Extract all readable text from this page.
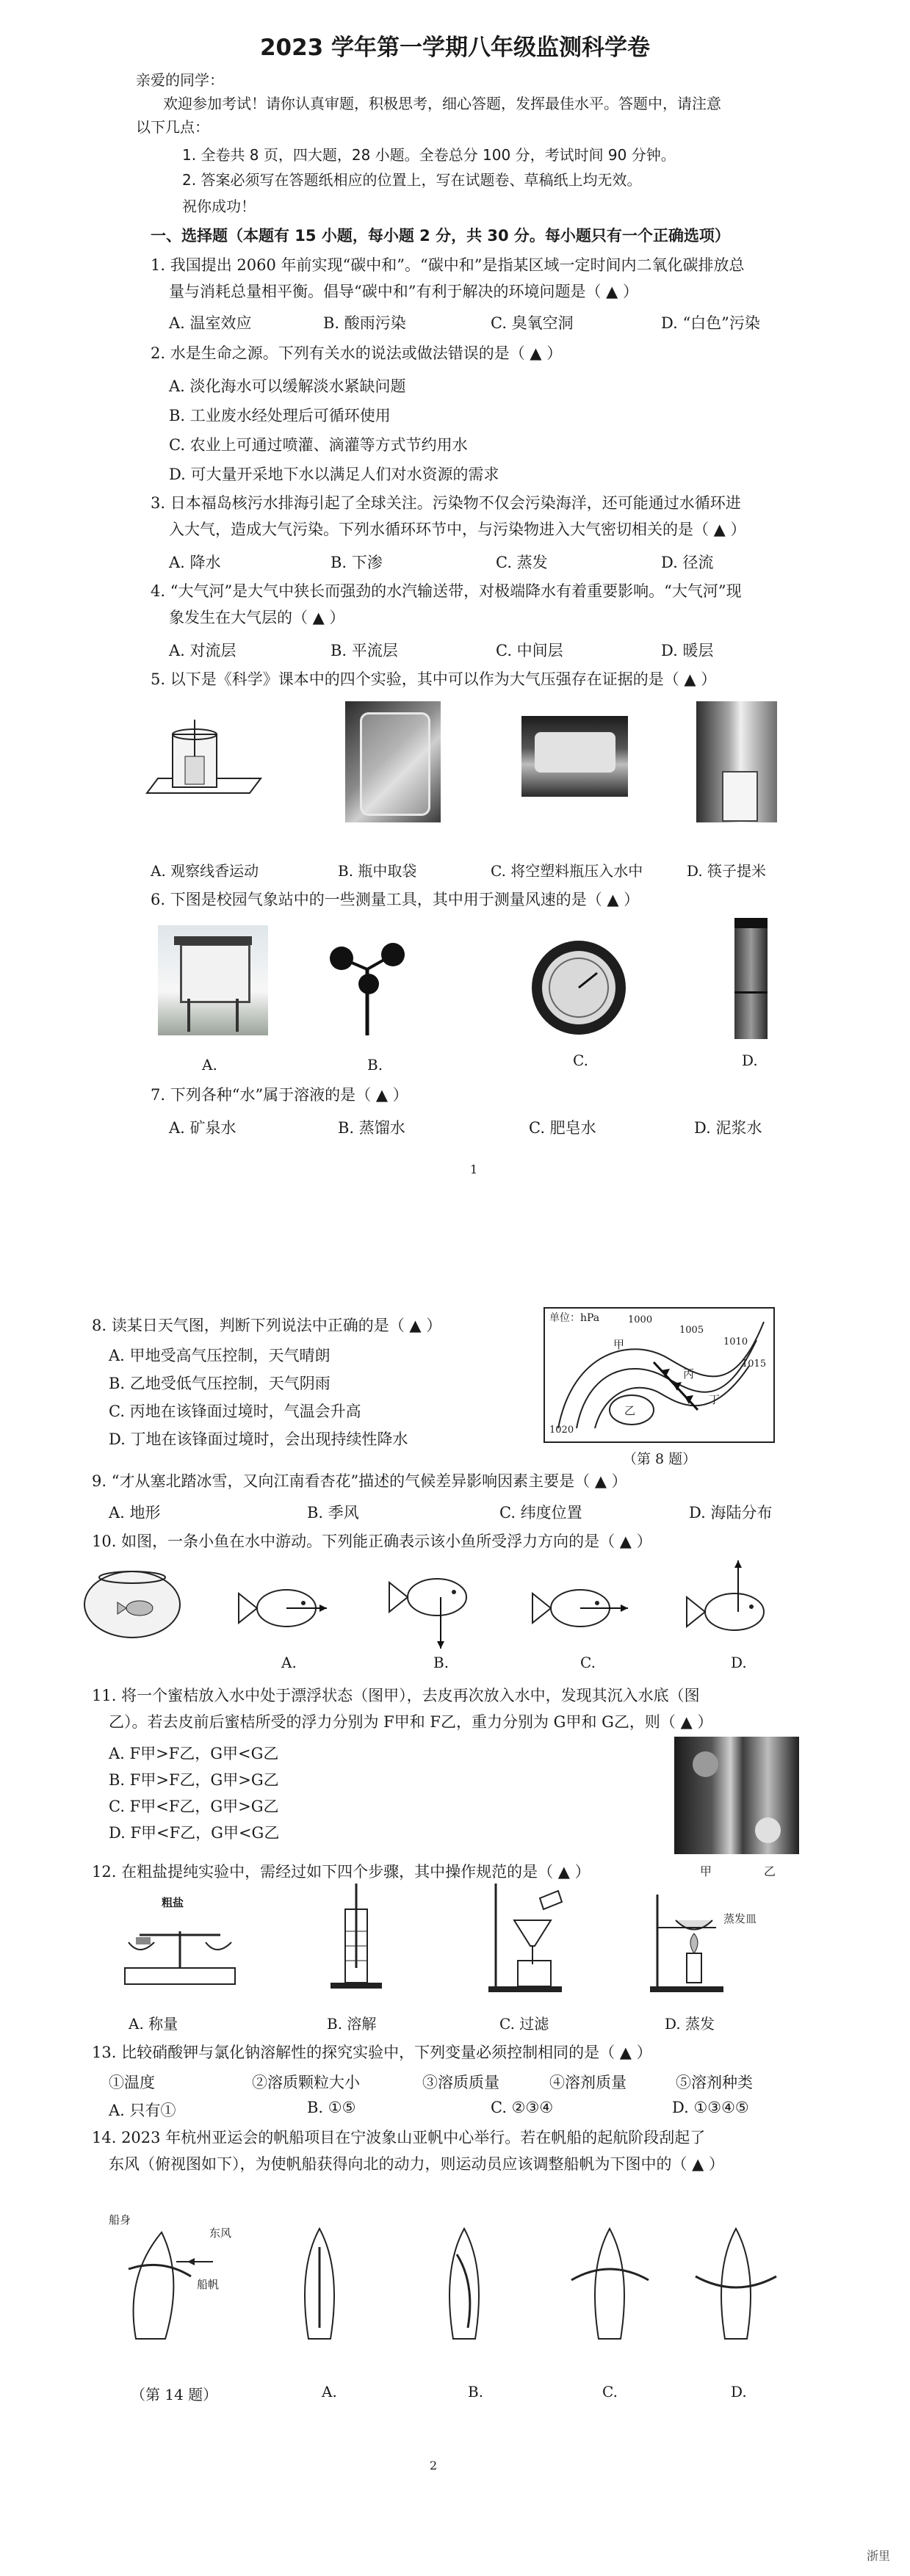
2023 学年第一学期八年级监测科学卷
亲爱的同学：
欢迎参加考试！请你认真审题，积极思考，细心答题，发挥最佳水平。答题中，请注意
以下几点：
1. 全卷共 8 页，四大题，28 小题。全卷总分 100 分，考试时间 90 分钟。
2. 答案必须写在答题纸相应的位置上，写在试题卷、草稿纸上均无效。
祝你成功！
一、选择题（本题有 15 小题，每小题 2 分，共 30 分。每小题只有一个正确选项）
1. 我国提出 2060 年前实现“碳中和”。“碳中和”是指某区域一定时间内二氧化碳排放总
量与消耗总量相平衡。倡导“碳中和”有利于解决的环境问题是（ ▲ ）
A. 温室效应	B. 酸雨污染	C. 臭氧空洞	D. “白色”污染
2. 水是生命之源。下列有关水的说法或做法错误的是（ ▲ ）
A. 淡化海水可以缓解淡水紧缺问题
B. 工业废水经处理后可循环使用
C. 农业上可通过喷灌、滴灌等方式节约用水
D. 可大量开采地下水以满足人们对水资源的需求
3. 日本福岛核污水排海引起了全球关注。污染物不仅会污染海洋，还可能通过水循环进
入大气，造成大气污染。下列水循环环节中，与污染物进入大气密切相关的是（ ▲ ）
A. 降水	B. 下渗	C. 蒸发	D. 径流
4. “大气河”是大气中狭长而强劲的水汽输送带，对极端降水有着重要影响。“大气河”现
象发生在大气层的（ ▲ ）
A. 对流层	B. 平流层	C. 中间层	D. 暖层
5. 以下是《科学》课本中的四个实验，其中可以作为大气压强存在证据的是（ ▲ ）
A. 观察线香运动	B. 瓶中取袋	C. 将空塑料瓶压入水中	D. 筷子提米
6. 下图是校园气象站中的一些测量工具，其中用于测量风速的是（ ▲ ）
A.	B.	C.	D.
7. 下列各种“水”属于溶液的是（ ▲ ）
A. 矿泉水	B. 蒸馏水	C. 肥皂水	D. 泥浆水
1
8. 读某日天气图，判断下列说法中正确的是（ ▲ ）
A. 甲地受高气压控制，天气晴朗
B. 乙地受低气压控制，天气阴雨
C. 丙地在该锋面过境时，气温会升高
D. 丁地在该锋面过境时，会出现持续性降水
单位：hPa	1000
1005
1010
1015
1020
甲
乙
丙
丁
（第 8 题）
9. “才从塞北踏冰雪，又向江南看杏花”描述的气候差异影响因素主要是（ ▲ ）
A. 地形	B. 季风	C. 纬度位置	D. 海陆分布
10. 如图，一条小鱼在水中游动。下列能正确表示该小鱼所受浮力方向的是（ ▲ ）
A.	B.	C.	D.
11. 将一个蜜桔放入水中处于漂浮状态（图甲），去皮再次放入水中，发现其沉入水底（图
乙）。若去皮前后蜜桔所受的浮力分别为 F甲和 F乙，重力分别为 G甲和 G乙，则（ ▲ ）
A. F甲>F乙，G甲<G乙
B. F甲>F乙，G甲>G乙
C. F甲<F乙，G甲>G乙
D. F甲<F乙，G甲<G乙
甲	乙
12. 在粗盐提纯实验中，需经过如下四个步骤，其中操作规范的是（ ▲ ）
粗盐
蒸发皿
A. 称量	B. 溶解	C. 过滤	D. 蒸发
13. 比较硝酸钾与氯化钠溶解性的探究实验中，下列变量必须控制相同的是（ ▲ ）
①温度	②溶质颗粒大小	③溶质质量	④溶剂质量	⑤溶剂种类
A. 只有①	B. ①⑤	C. ②③④	D. ①③④⑤
14. 2023 年杭州亚运会的帆船项目在宁波象山亚帆中心举行。若在帆船的起航阶段刮起了
东风（俯视图如下），为使帆船获得向北的动力，则运动员应该调整船帆为下图中的（ ▲ ）
船身
东风
船帆
（第 14 题）	A.	B.	C.	D.
2
浙里
